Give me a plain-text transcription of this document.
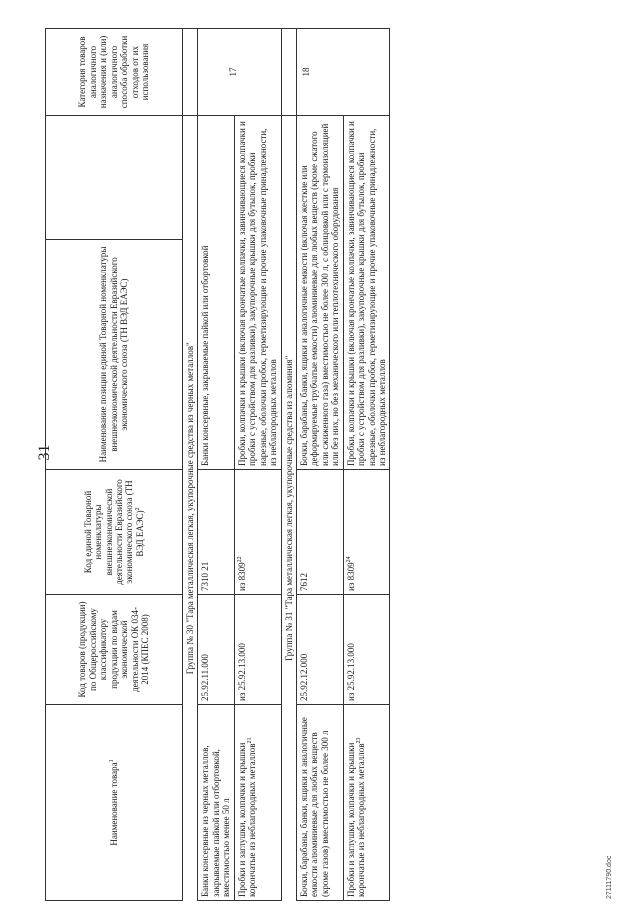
31
Наименование товара$^1$	Код товаров (продукции) по Общероссийскому классификатору продукции по видам экономической деятельности ОК 034-2014 (КПЕС 2008)	Код единой Товарной номенклатуры внешнеэкономической деятельности Евразийского экономического союза (ТН ВЭД ЕАЭС)$^2$	Наименование позиции единой Товарной номенклатуры внешнеэкономической деятельности Евразийского экономического союза (ТН ВЭД ЕАЭС)		Категория товаров аналогичного назначения и (или) аналогичного способа обработки отходов от их использования
Группа № 30 "Тара металлическая легкая, укупорочные средства из черных металлов"					
Банки консервные из черных металлов, закрываемые пайкой или отбортовкой, вместимостью менее 50 л	25.92.11.000	7310 21	Банки консервные, закрываемые пайкой или отбортовкой		17
Пробки и заглушки, колпачки и крышки корончатые из неблагородных металлов$^{21}$	из 25.92.13.000	из 8309$^{22}$	Пробки, колпачки и крышки (включая крончатые колпачки, завинчивающиеся колпачки и пробки с устройством для разливки), закупорочные крышки для бутылок, пробки нарезные, оболочки пробок, герметизирующие и прочие упаковочные принадлежности, из неблагородных металлов		
Группа № 31 "Тара металлическая легкая, укупорочные средства из алюминия"					
Бочки, барабаны, банки, ящики и аналогичные емкости алюминиевые для любых веществ (кроме газов) вместимостью не более 300 л	25.92.12.000	7612	Бочки, барабаны, банки, ящики и аналогичные емкости (включая жесткие или деформируемые трубчатые емкости) алюминиевые для любых веществ (кроме сжатого или сжиженного газа) вместимостью не более 300 л, с облицовкой или с термоизоляцией или без них, но без механического или теплотехнического оборудования		18
Пробки и заглушки, колпачки и крышки корончатые из неблагородных металлов$^{23}$	из 25.92.13.000	из 8309$^{24}$	Пробки, колпачки и крышки (включая крончатые колпачки, завинчивающиеся колпачки и пробки с устройством для разливки), закупорочные крышки для бутылок, пробки нарезные, оболочки пробок, герметизирующие и прочие упаковочные принадлежности, из неблагородных металлов		
27111790.doc
